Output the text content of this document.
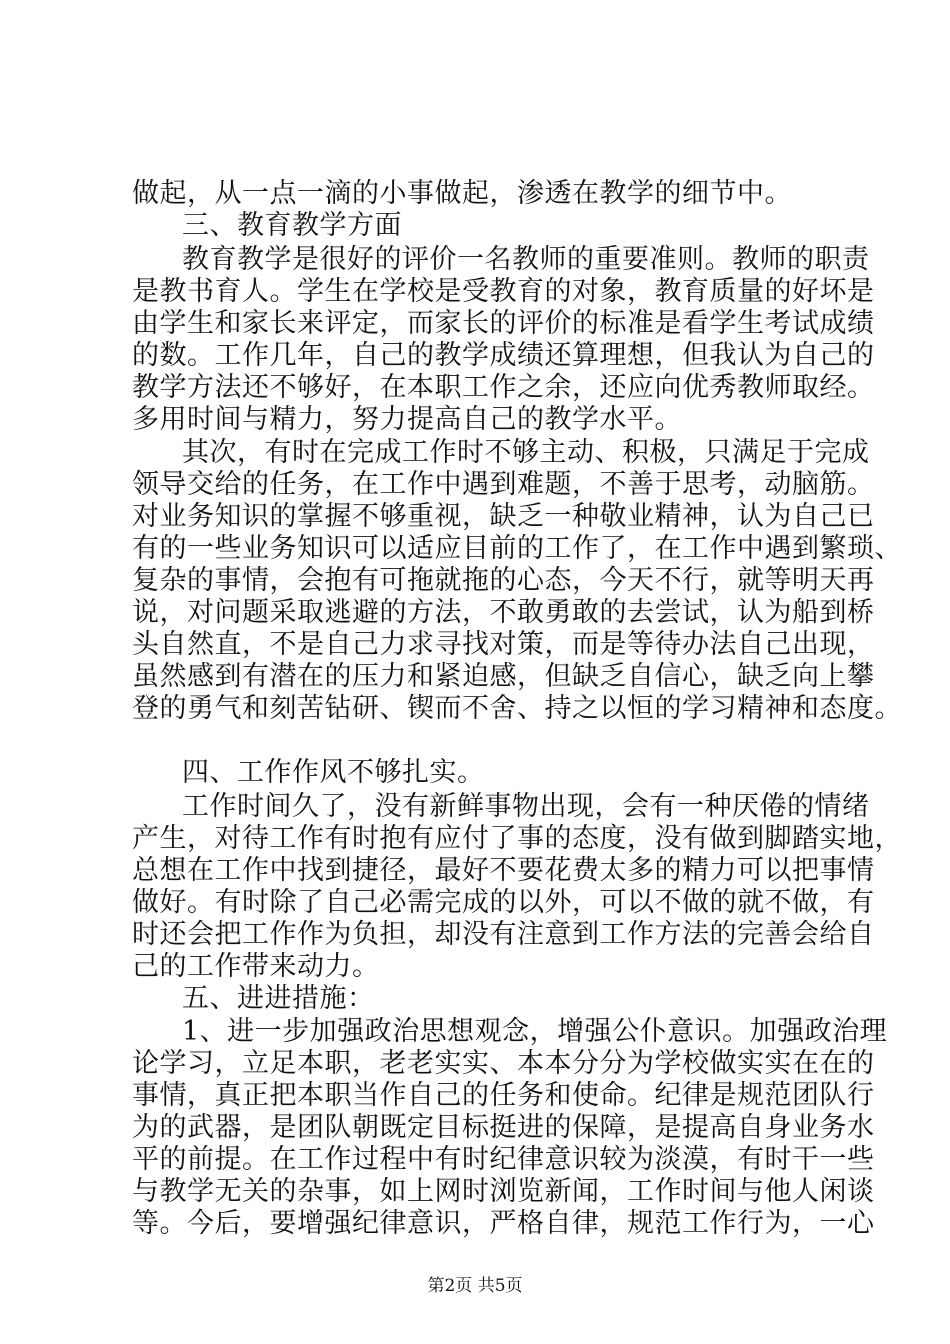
做起，从一点一滴的小事做起，渗透在教学的细节中。
三、教育教学方面
教育教学是很好的评价一名教师的重要准则。教师的职责
是教书育人。学生在学校是受教育的对象，教育质量的好坏是
由学生和家长来评定，而家长的评价的标准是看学生考试成绩
的数。工作几年，自己的教学成绩还算理想，但我认为自己的
教学方法还不够好，在本职工作之余，还应向优秀教师取经。
多用时间与精力，努力提高自己的教学水平。
其次，有时在完成工作时不够主动、积极，只满足于完成
领导交给的任务，在工作中遇到难题，不善于思考，动脑筋。
对业务知识的掌握不够重视，缺乏一种敬业精神，认为自己已
有的一些业务知识可以适应目前的工作了，在工作中遇到繁琐、
复杂的事情，会抱有可拖就拖的心态，今天不行，就等明天再
说，对问题采取逃避的方法，不敢勇敢的去尝试，认为船到桥
头自然直，不是自己力求寻找对策，而是等待办法自己出现，
虽然感到有潜在的压力和紧迫感，但缺乏自信心，缺乏向上攀
登的勇气和刻苦钻研、锲而不舍、持之以恒的学习精神和态度。
四、工作作风不够扎实。
工作时间久了，没有新鲜事物出现，会有一种厌倦的情绪
产生，对待工作有时抱有应付了事的态度，没有做到脚踏实地，
总想在工作中找到捷径，最好不要花费太多的精力可以把事情
做好。有时除了自己必需完成的以外，可以不做的就不做，有
时还会把工作作为负担，却没有注意到工作方法的完善会给自
己的工作带来动力。
五、进进措施：
1、进一步加强政治思想观念，增强公仆意识。加强政治理
论学习，立足本职，老老实实、本本分分为学校做实实在在的
事情，真正把本职当作自己的任务和使命。纪律是规范团队行
为的武器，是团队朝既定目标挺进的保障，是提高自身业务水
平的前提。在工作过程中有时纪律意识较为淡漠，有时干一些
与教学无关的杂事，如上网时浏览新闻，工作时间与他人闲谈
等。今后，要增强纪律意识，严格自律，规范工作行为，一心
第2页 共5页
